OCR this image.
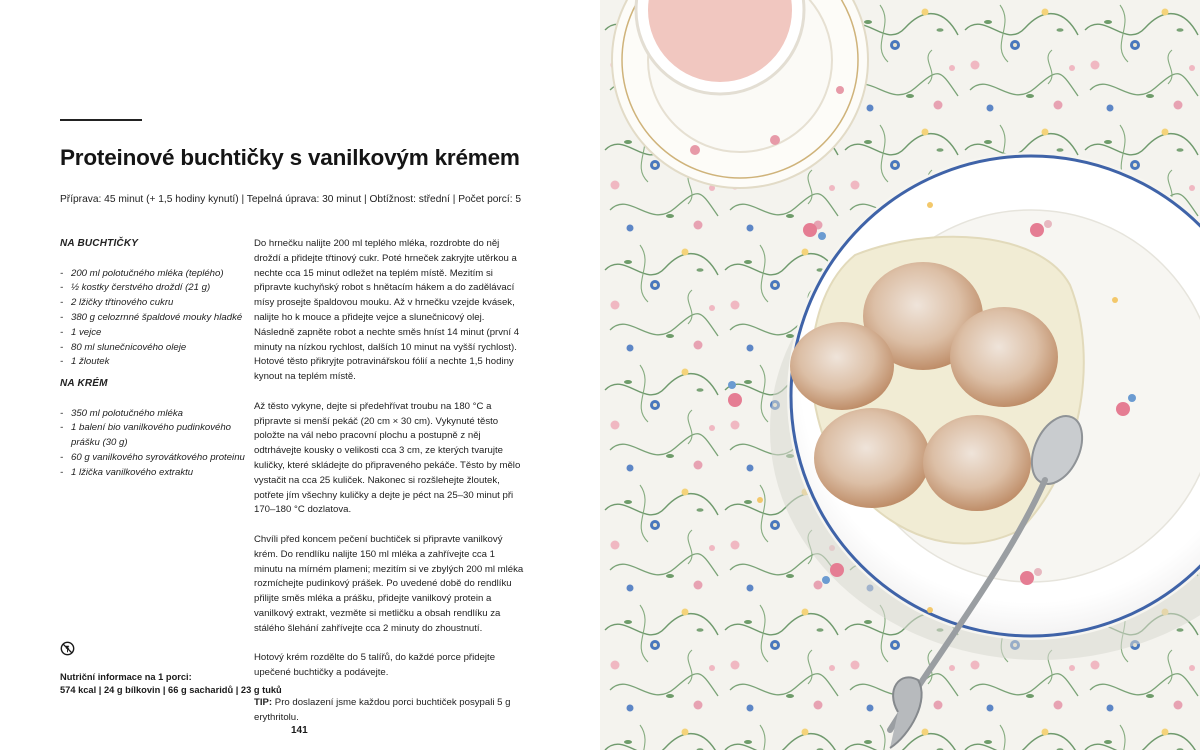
Proteinové buchtičky s vanilkovým krémem
Příprava: 45 minut (+ 1,5 hodiny kynutí) | Tepelná úprava: 30 minut | Obtížnost: střední | Počet porcí: 5
NA BUCHTIČKY
- 200 ml polotučného mléka (teplého)
- ½ kostky čerstvého droždí (21 g)
- 2 lžičky třtinového cukru
- 380 g celozrnné špaldové mouky hladké
- 1 vejce
- 80 ml slunečnicového oleje
- 1 žloutek
NA KRÉM
- 350 ml polotučného mléka
- 1 balení bio vanilkového pudinkového prášku (30 g)
- 60 g vanilkového syrovátkového proteinu
- 1 lžička vanilkového extraktu

Do hrnečku nalijte 200 ml teplého mléka, rozdrobte do něj droždí a přidejte třtinový cukr. Poté hrneček zakryjte utěrkou a nechte cca 15 minut odležet na teplém místě. Mezitím si připravte kuchyňský robot s hnětacím hákem a do zadělávací mísy prosejte špaldovou mouku. Až v hrnečku vzejde kvásek, nalijte ho k mouce a přidejte vejce a slunečnicový olej. Následně zapněte robot a nechte směs hníst 14 minut (první 4 minuty na nízkou rychlost, dalších 10 minut na vyšší rychlost). Hotové těsto přikryjte potravinářskou fólií a nechte 1,5 hodiny kynout na teplém místě.

Až těsto vykyne, dejte si předehřívat troubu na 180 °C a připravte si menší pekáč (20 cm × 30 cm). Vykynuté těsto položte na vál nebo pracovní plochu a postupně z něj odtrhávejte kousky o velikosti cca 3 cm, ze kterých tvarujte kuličky, které skládejte do připraveného pekáče. Těsto by mělo vystačit na cca 25 kuliček. Nakonec si rozšlehejte žloutek, potřete jím všechny kuličky a dejte je péct na 25–30 minut při 170–180 °C dozlatova.

Chvíli před koncem pečení buchtiček si připravte vanilkový krém. Do rendlíku nalijte 150 ml mléka a zahřívejte cca 1 minutu na mírném plameni; mezitím si ve zbylých 200 ml mléka rozmíchejte pudinkový prášek. Po uvedené době do rendlíku přilijte směs mléka a prášku, přidejte vanilkový protein a vanilkový extrakt, vezměte si metličku a obsah rendlíku za stálého šlehání zahřívejte cca 2 minuty do zhoustnutí.

Hotový krém rozdělte do 5 talířů, do každé porce přidejte upečené buchtičky a podávejte.

TIP: Pro doslazení jsme každou porci buchtiček posypali 5 g erythritolu.

Nutriční informace na 1 porci:
574 kcal | 24 g bílkovin | 66 g sacharidů | 23 g tuků
141
